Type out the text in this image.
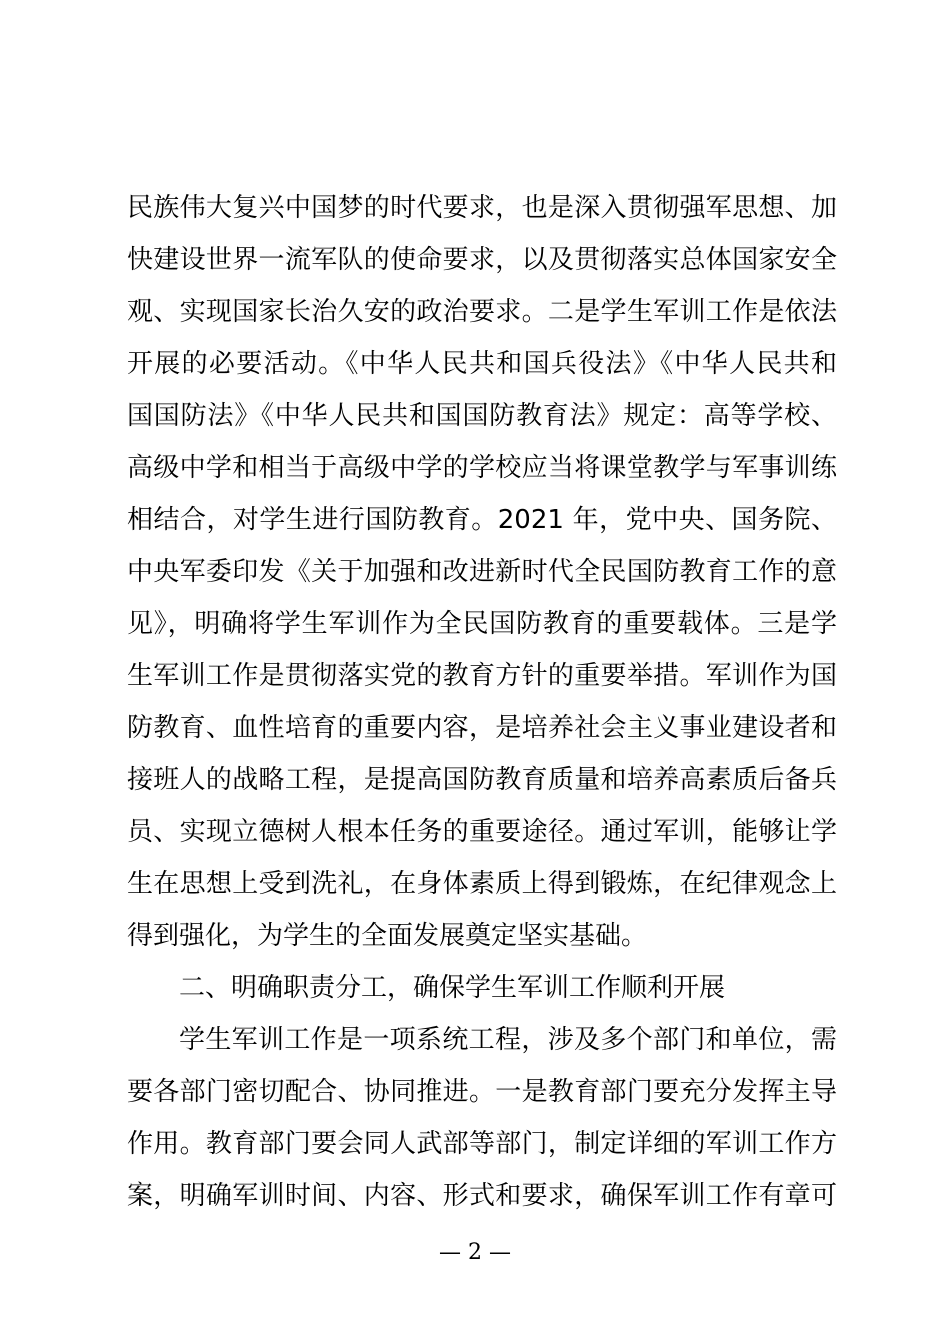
民族伟大复兴中国梦的时代要求，也是深入贯彻强军思想、加
快建设世界一流军队的使命要求，以及贯彻落实总体国家安全
观、实现国家长治久安的政治要求。二是学生军训工作是依法
开展的必要活动。《中华人民共和国兵役法》《中华人民共和
国国防法》《中华人民共和国国防教育法》规定：高等学校、
高级中学和相当于高级中学的学校应当将课堂教学与军事训练
相结合，对学生进行国防教育。2021 年，党中央、国务院、
中央军委印发《关于加强和改进新时代全民国防教育工作的意
见》，明确将学生军训作为全民国防教育的重要载体。三是学
生军训工作是贯彻落实党的教育方针的重要举措。军训作为国
防教育、血性培育的重要内容，是培养社会主义事业建设者和
接班人的战略工程，是提高国防教育质量和培养高素质后备兵
员、实现立德树人根本任务的重要途径。通过军训，能够让学
生在思想上受到洗礼，在身体素质上得到锻炼，在纪律观念上
得到强化，为学生的全面发展奠定坚实基础。
二、明确职责分工，确保学生军训工作顺利开展
学生军训工作是一项系统工程，涉及多个部门和单位，需
要各部门密切配合、协同推进。一是教育部门要充分发挥主导
作用。教育部门要会同人武部等部门，制定详细的军训工作方
案，明确军训时间、内容、形式和要求，确保军训工作有章可
— 2 —
